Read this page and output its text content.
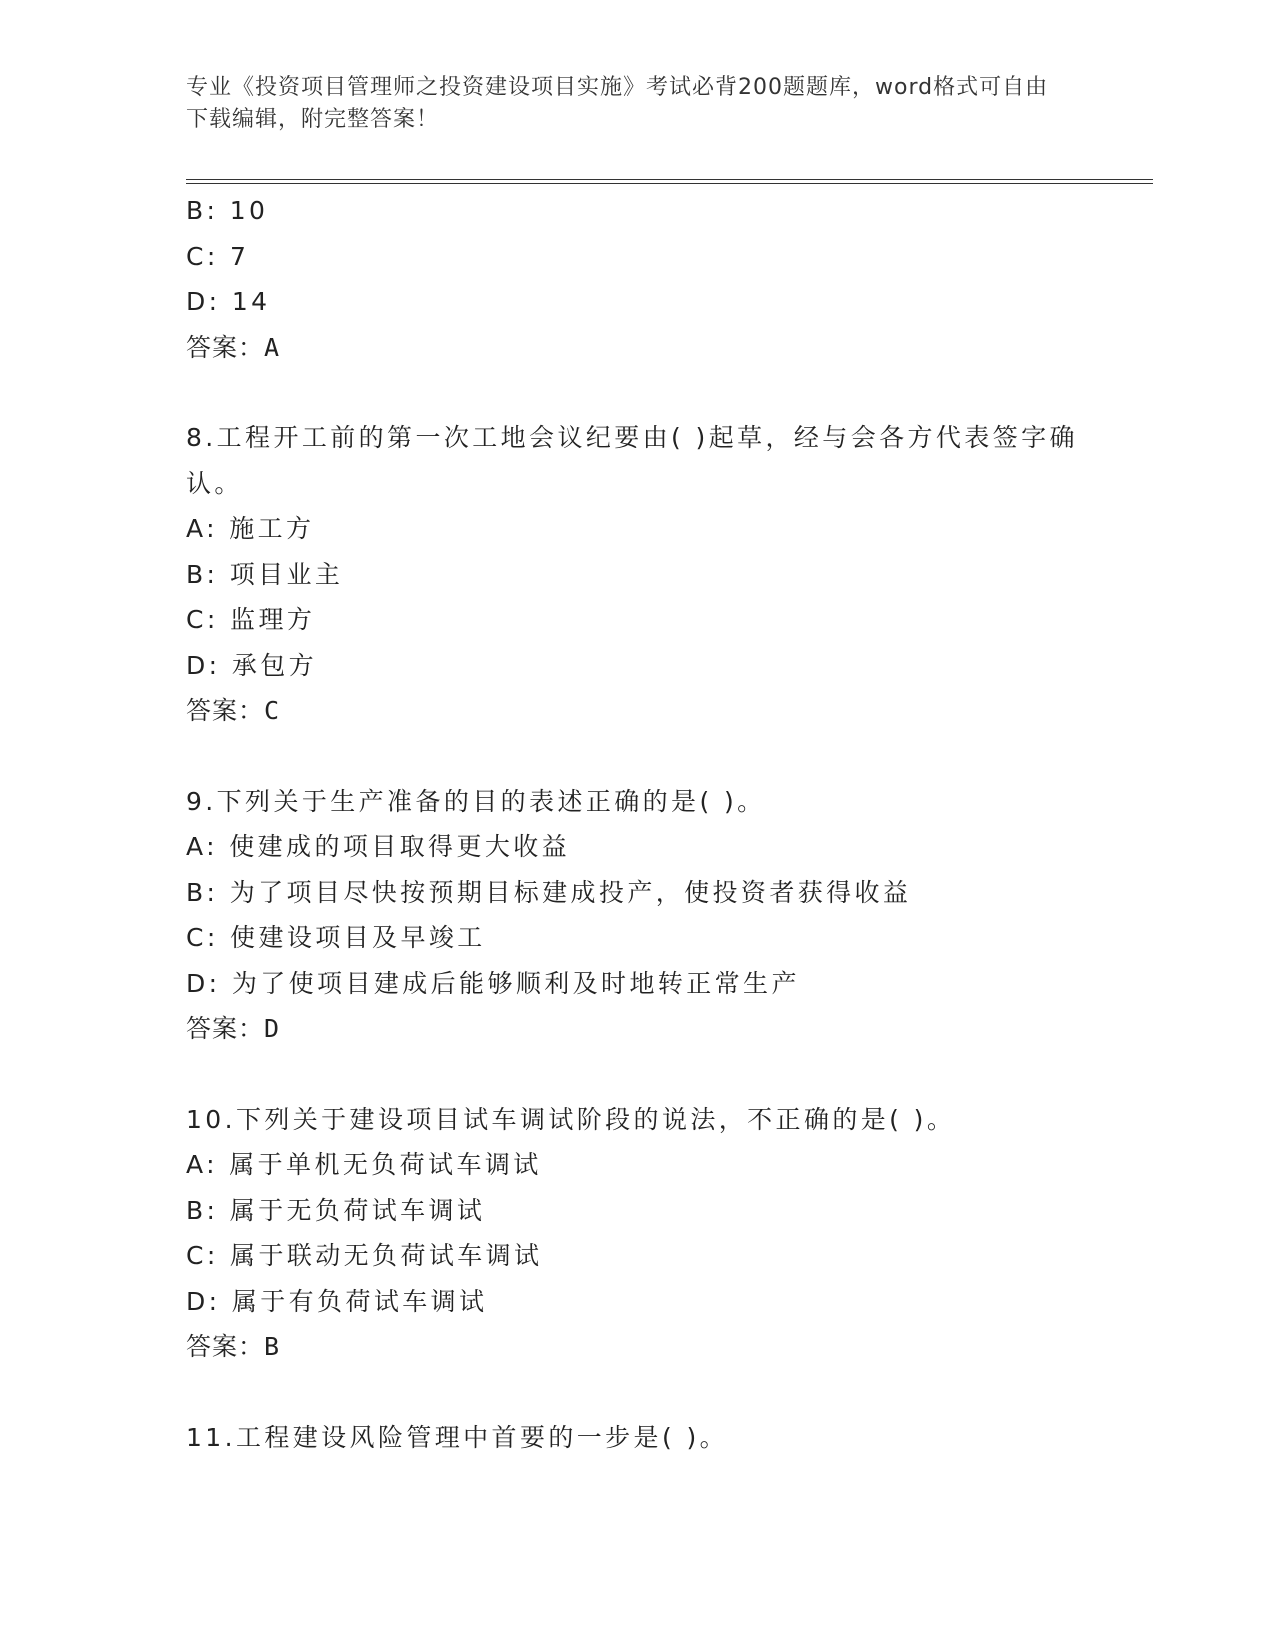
专业《投资项目管理师之投资建设项目实施》考试必背200题题库，word格式可自由下载编辑，附完整答案！
B: 10
C: 7
D: 14
答案：A
8.工程开工前的第一次工地会议纪要由( )起草，经与会各方代表签字确认。
A: 施工方
B: 项目业主
C: 监理方
D: 承包方
答案：C
9.下列关于生产准备的目的表述正确的是( )。
A: 使建成的项目取得更大收益
B: 为了项目尽快按预期目标建成投产，使投资者获得收益
C: 使建设项目及早竣工
D: 为了使项目建成后能够顺利及时地转正常生产
答案：D
10.下列关于建设项目试车调试阶段的说法，不正确的是( )。
A: 属于单机无负荷试车调试
B: 属于无负荷试车调试
C: 属于联动无负荷试车调试
D: 属于有负荷试车调试
答案：B
11.工程建设风险管理中首要的一步是( )。
